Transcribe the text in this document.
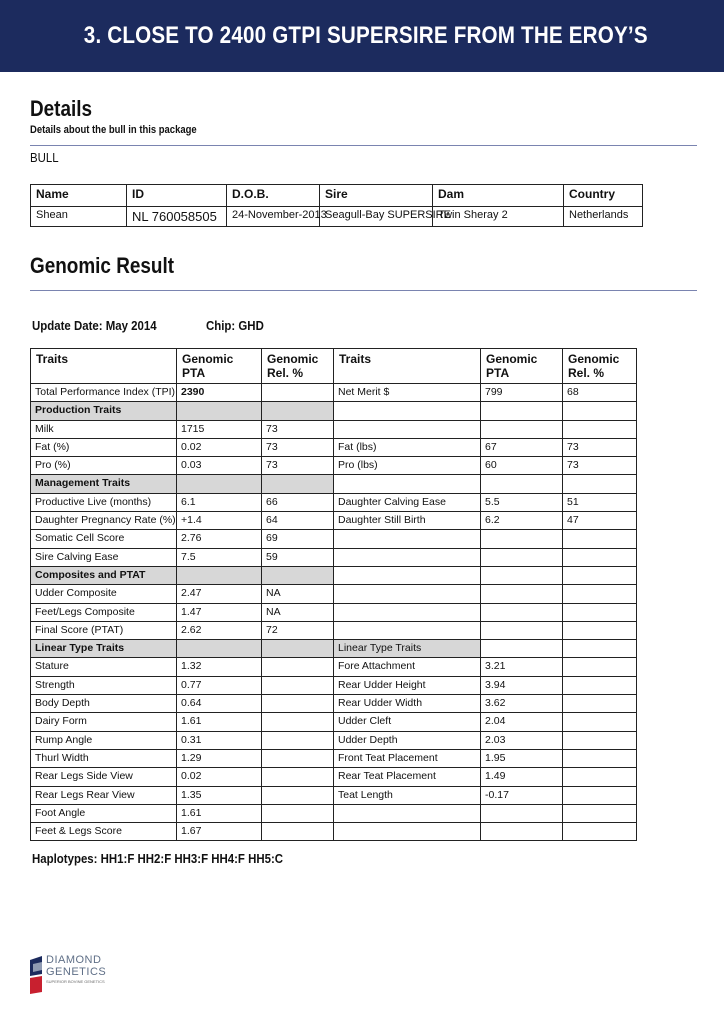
3. CLOSE TO 2400 GTPI SUPERSIRE FROM THE EROY’S
Details
Details about the bull in this package
BULL
Name	ID	D.O.B.	Sire	Dam	Country
Shean	NL 760058505	24-November-2013	Seagull-Bay SUPERSIRE	Twin Sheray 2	Netherlands
Genomic Result
Update Date: May 2014	Chip: GHD
Traits	Genomic PTA	Genomic Rel. %	Traits	Genomic PTA	Genomic Rel. %
Total Performance Index (TPI)	2390		Net Merit $	799	68
Production Traits					
Milk	1715	73			
Fat (%)	0.02	73	Fat (lbs)	67	73
Pro (%)	0.03	73	Pro (lbs)	60	73
Management Traits					
Productive Live (months)	6.1	66	Daughter Calving Ease	5.5	51
Daughter Pregnancy Rate (%)	+1.4	64	Daughter Still Birth	6.2	47
Somatic Cell Score	2.76	69			
Sire Calving Ease	7.5	59			
Composites and PTAT					
Udder Composite	2.47	NA			
Feet/Legs Composite	1.47	NA			
Final Score (PTAT)	2.62	72			
Linear Type Traits			Linear Type Traits		
Stature	1.32		Fore Attachment	3.21	
Strength	0.77		Rear Udder Height	3.94	
Body Depth	0.64		Rear Udder Width	3.62	
Dairy Form	1.61		Udder Cleft	2.04	
Rump Angle	0.31		Udder Depth	2.03	
Thurl Width	1.29		Front Teat Placement	1.95	
Rear Legs Side View	0.02		Rear Teat Placement	1.49	
Rear Legs Rear View	1.35		Teat Length	-0.17	
Foot Angle	1.61				
Feet & Legs Score	1.67				
Haplotypes: HH1:F HH2:F HH3:F HH4:F HH5:C
DIAMOND
GENETICS
SUPERIOR BOVINE GENETICS
